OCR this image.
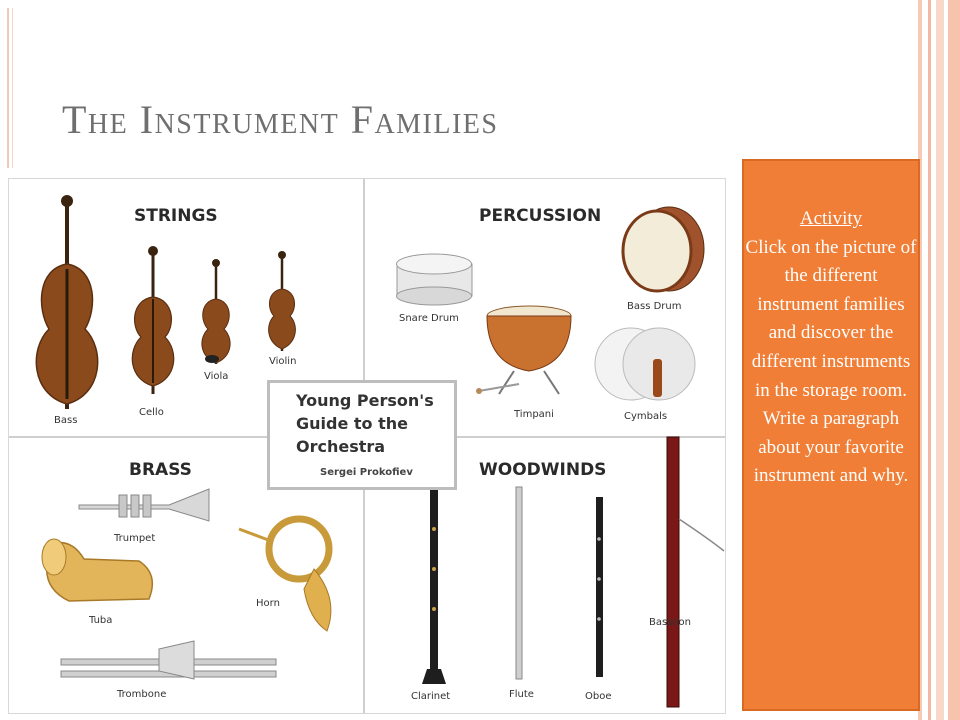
The Instrument Families
STRINGS	PERCUSSION
BRASS	WOODWINDS
Bass
Cello
Viola
Violin
Snare Drum
Bass Drum
Timpani	Cymbals
Trumpet
Tuba
Horn
Trombone	Clarinet	Flute	Oboe
Bassoon
Young Person's
Guide to the
Orchestra
Sergei Prokofiev
Activity
Click on the picture of the different instrument families and discover the different instruments in the storage room. Write a paragraph about your favorite instrument and why.
